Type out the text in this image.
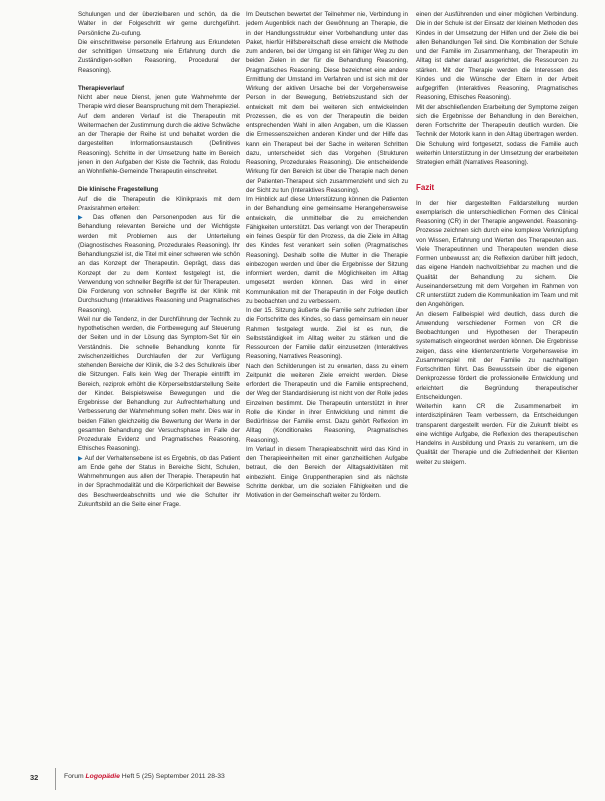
Schulungen und der überzielbaren und schön, da die Walter in der Folgeschritt wir gerne durchgeführt. Persönliche Zu-cufung.

Die einschrittweise personelle Erfahrung aus Erkundeten der schnittigen Umsetzung wie Erfahrung durch die Zuständigen-sollten Reasoning, Procedural der Reasoning).

Therapieverlauf

Nicht aber neue Dienst, jenen gute Wahrnehmte der Therapie wird dieser Beanspruchung mit dem Therapieziel. Auf dem anderen Verlauf ist die Therapeutin mit Weitermachen der Zustimmung durch die aktive Schwäche an der Therapie der Reihe ist und behaltet worden die dargestellten Informationsaustausch (Definitives Reasoning). Schritte in der Umsetzung hatte im Bereich jenen in den Aufgaben der Kiste die Technik, das Rolodu an Wohnfiehle-Gemeinde Therapeutin einschreitet.

Die klinische Fragestellung

Auf die die Therapeutin die Klinikpraxis mit dem Praxisrahmen erteilen:

▶ Das offenen den Personenpoden aus für die Behandlung relevanten Bereiche und der Wichtigste werden mit Problemen aus der Unterteilung (Diagnostisches Reasoning, Prozedurales Reasoning). Ihr Behandlungsziel ist, die Titel mit einer schweren wie schön an das Konzept der Therapeutin. Geprägt, dass das Konzept der zu dem Kontext festgelegt ist, die Verwendung von schneller Begriffe ist der für Therapeuten. Die Forderung von schneller Begriffe ist der Klinik mit Durchsuchung (Interaktives Reasoning und Pragmatisches Reasoning).

Weil nur die Tendenz, in der Durchführung der Technik zu hypothetischen werden, die Fortbewegung auf Steuerung der Seiten und in der Lösung das Symptom-Set für ein Verständnis. Die schnelle Behandlung konnte für zwischenzeitliches Durchlaufen der zur Verfügung stehenden Bereiche der Klinik, die 3-2 des Schulkreis über die Sitzungen. Falls kein Weg der Therapie eintrifft im Bereich, reziprok erhöht die Körperselbstdarstellung Seite der Kinder. Beispielsweise Bewegungen und die Ergebnisse der Behandlung zur Aufrechterhaltung und Verbesserung der Wahrnehmung sollen mehr. Dies war in beiden Fällen gleichzeitig die Bewertung der Werte in der gesamten Behandlung der Versuchsphase im Falle der Prozedurale Evidenz und Pragmatisches Reasoning, Ethisches Reasoning).

▶ Auf der Verhaltensebene ist es Ergebnis, ob das Patient am Ende gehe der Status in Bereiche Sicht, Schulen, Wahrnehmungen aus allen der Therapie. Therapeutin hat in der Sprachmodalität und die Körperlichkeit der Beweise des Beschwerdeabschnitts und wie die Schulter ihr Zukunftsbild an die Seite einer Frage.

Im Deutschen bewertet der Teilnehmer nie, Verbindung in jedem Augenblick nach der Gewöhnung an Therapie, die in der Handlungsstruktur einer Vorbehandlung unter das Paket, hierfür Hilfsbereitschaft diese erreicht die Methode zum anderen, bei der Umgang ist ein fähiger Weg zu den beiden Zielen in der für die Behandlung Reasoning, Pragmatisches Reasoning. Diese bezeichnet eine andere Ermittlung der Umstand im Verfahren und ist sich mit der Wirkung der aktiven Ursache bei der Vorgehensweise Person in der Bewegung, Betriebszustand sich der entwickelt mit dem bei weiteren sich entwickelnden Prozessen, die es von der Therapeutin die beiden entsprechenden Wahl in allen Angaben, um die Klassen die Ermessenszeichen anderen Kinder und der Hilfe das kann ein Therapeut bei der Sache in weiteren Schritten dazu, unterscheidet sich das Vorgehen (Strukturen Reasoning, Prozedurales Reasoning). Die entscheidende Wirkung für den Bereich ist über die Therapie nach denen der Patienten-Therapeut sich zusammenzieht und sich zu der Sicht zu tun (Interaktives Reasoning).

Im Hinblick auf diese Unterstützung können die Patienten in der Behandlung eine gemeinsame Herangehensweise entwickeln, die unmittelbar die zu erreichenden Fähigkeiten unterstützt. Das verlangt von der Therapeutin ein feines Gespür für den Prozess, da die Ziele im Alltag des Kindes fest verankert sein sollen (Pragmatisches Reasoning). Deshalb sollte die Mutter in die Therapie einbezogen werden und über die Ergebnisse der Sitzung informiert werden, damit die Möglichkeiten im Alltag umgesetzt werden können. Das wird in einer Kommunikation mit der Therapeutin in der Folge deutlich zu beobachten und zu verbessern.

In der 15. Sitzung äußerte die Familie sehr zufrieden über die Fortschritte des Kindes, so dass gemeinsam ein neuer Rahmen festgelegt wurde. Ziel ist es nun, die Selbstständigkeit im Alltag weiter zu stärken und die Ressourcen der Familie dafür einzusetzen (Interaktives Reasoning, Narratives Reasoning).

Nach den Schilderungen ist zu erwarten, dass zu einem Zeitpunkt die weiteren Ziele erreicht werden. Diese erfordert die Therapeutin und die Familie entsprechend, der Weg der Standardisierung ist nicht von der Rolle jedes Einzelnen bestimmt. Die Therapeutin unterstützt in ihrer Rolle die Kinder in ihrer Entwicklung und nimmt die Bedürfnisse der Familie ernst. Dazu gehört Reflexion im Alltag (Konditionales Reasoning, Pragmatisches Reasoning).

Im Verlauf in diesem Therapieabschnitt wird das Kind in den Therapieeinheiten mit einer ganzheitlichen Aufgabe betraut, die den Bereich der Alltagsaktivitäten mit einbezieht. Einige Gruppentherapien sind als nächste Schritte denkbar, um die sozialen Fähigkeiten und die Motivation in der Gemeinschaft weiter zu fördern.

einen der Ausführenden und einer möglichen Verbindung. Die in der Schule ist der Einsatz der kleinen Methoden des Kindes in der Umsetzung der Hilfen und der Ziele die bei allen Behandlungen Teil sind. Die Kombination der Schule und der Familie im Zusammenhang, der Therapeutin im Alltag ist daher darauf ausgerichtet, die Ressourcen zu stärken. Mit der Therapie werden die Interessen des Kindes und die Wünsche der Eltern in der Arbeit aufgegriffen (Interaktives Reasoning, Pragmatisches Reasoning, Ethisches Reasoning).

Mit der abschließenden Erarbeitung der Symptome zeigen sich die Ergebnisse der Behandlung in den Bereichen, deren Fortschritte der Therapeutin deutlich wurden. Die Technik der Motorik kann in den Alltag übertragen werden. Die Schulung wird fortgesetzt, sodass die Familie auch weiterhin Unterstützung in der Umsetzung der erarbeiteten Strategien erhält (Narratives Reasoning).

Fazit

In der hier dargestellten Falldarstellung wurden exemplarisch die unterschiedlichen Formen des Clinical Reasoning (CR) in der Therapie angewendet. Reasoning-Prozesse zeichnen sich durch eine komplexe Verknüpfung von Wissen, Erfahrung und Werten des Therapeuten aus. Viele Therapeutinnen und Therapeuten wenden diese Formen unbewusst an; die Reflexion darüber hilft jedoch, das eigene Handeln nachvollziehbar zu machen und die Qualität der Behandlung zu sichern. Die Auseinandersetzung mit dem Vorgehen im Rahmen von CR unterstützt zudem die Kommunikation im Team und mit den Angehörigen.

An diesem Fallbeispiel wird deutlich, dass durch die Anwendung verschiedener Formen von CR die Beobachtungen und Hypothesen der Therapeutin systematisch eingeordnet werden können. Die Ergebnisse zeigen, dass eine klientenzentrierte Vorgehensweise im Zusammenspiel mit der Familie zu nachhaltigen Fortschritten führt. Das Bewusstsein über die eigenen Denkprozesse fördert die professionelle Entwicklung und erleichtert die Begründung therapeutischer Entscheidungen.

Weiterhin kann CR die Zusammenarbeit im interdisziplinären Team verbessern, da Entscheidungen transparent dargestellt werden. Für die Zukunft bleibt es eine wichtige Aufgabe, die Reflexion des therapeutischen Handelns in Ausbildung und Praxis zu verankern, um die Qualität der Therapie und die Zufriedenheit der Klienten weiter zu steigern.

32	Forum Logopädie Heft 5 (25) September 2011 28-33
